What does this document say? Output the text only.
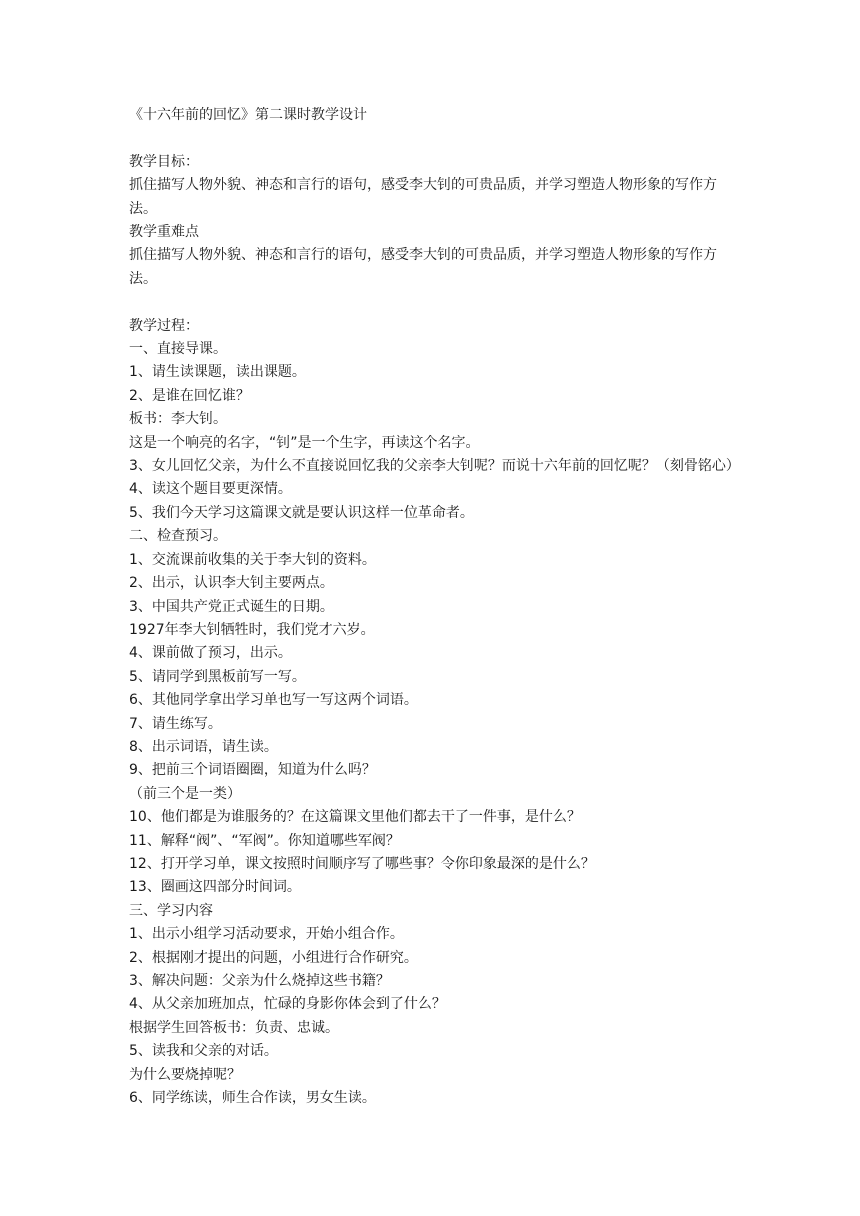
《十六年前的回忆》第二课时教学设计

教学目标：

抓住描写人物外貌、神态和言行的语句，感受李大钊的可贵品质，并学习塑造人物形象的写作方法。

教学重难点

抓住描写人物外貌、神态和言行的语句，感受李大钊的可贵品质，并学习塑造人物形象的写作方法。

教学过程：

一、直接导课。

1、请生读课题，读出课题。

2、是谁在回忆谁？

板书：李大钊。

这是一个响亮的名字，“钊”是一个生字，再读这个名字。

3、女儿回忆父亲，为什么不直接说回忆我的父亲李大钊呢？而说十六年前的回忆呢？（刻骨铭心）

4、读这个题目要更深情。

5、我们今天学习这篇课文就是要认识这样一位革命者。

二、检查预习。

1、交流课前收集的关于李大钊的资料。

2、出示，认识李大钊主要两点。

3、中国共产党正式诞生的日期。

1927年李大钊牺牲时，我们党才六岁。

4、课前做了预习，出示。

5、请同学到黑板前写一写。

6、其他同学拿出学习单也写一写这两个词语。

7、请生练写。

8、出示词语，请生读。

9、把前三个词语圈圈，知道为什么吗？

（前三个是一类）

10、他们都是为谁服务的？在这篇课文里他们都去干了一件事，是什么？

11、解释“阀”、“军阀”。你知道哪些军阀？

12、打开学习单，课文按照时间顺序写了哪些事？令你印象最深的是什么？

13、圈画这四部分时间词。

三、学习内容

1、出示小组学习活动要求，开始小组合作。

2、根据刚才提出的问题，小组进行合作研究。

3、解决问题：父亲为什么烧掉这些书籍？

4、从父亲加班加点，忙碌的身影你体会到了什么？

根据学生回答板书：负责、忠诚。

5、读我和父亲的对话。

为什么要烧掉呢？

6、同学练读，师生合作读，男女生读。
